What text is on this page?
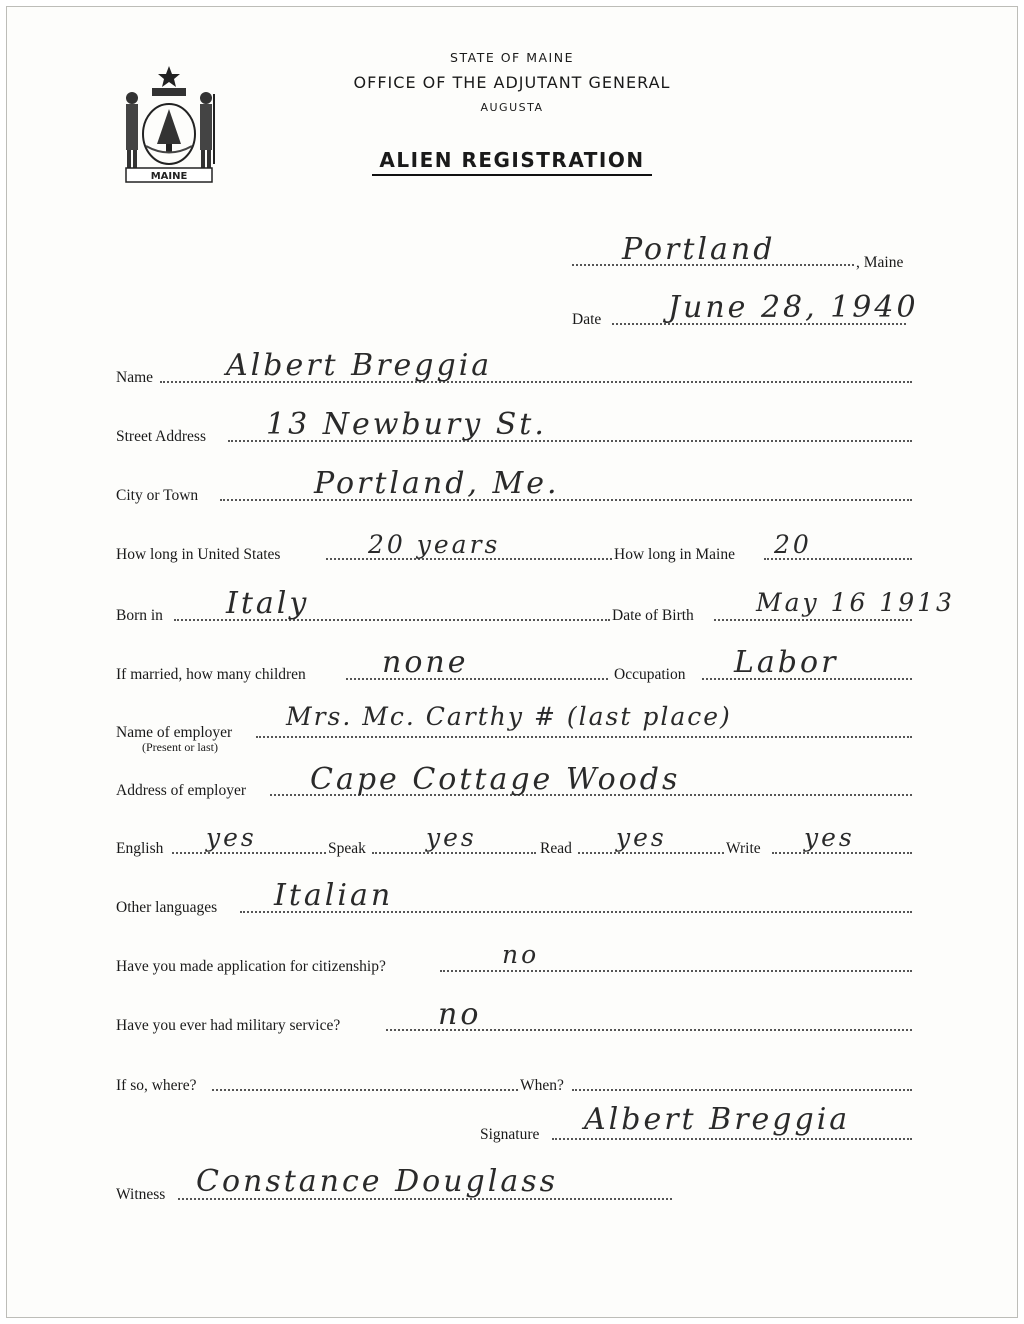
MAINE
STATE OF MAINE
OFFICE OF THE ADJUTANT GENERAL
AUGUSTA
ALIEN REGISTRATION
Portland	, Maine
Date June 28, 1940
Name Albert Breggia
Street Address 13 Newbury St.
City or Town	Portland, Me.
How long in United States	20 years	How long in Maine 20
Born in Italy	Date of Birth May 16 1913
If married, how many children	none	Occupation Labor
Name of employer
(Present or last)
Mrs. Mc. Carthy # (last place)
Address of employer Cape Cottage Woods
English yes	Speak yes	Read yes	Write yes
Other languages Italian
Have you made application for citizenship?	no
Have you ever had military service?	no
If so, where?	When?
Signature Albert Breggia
Witness Constance Douglass
